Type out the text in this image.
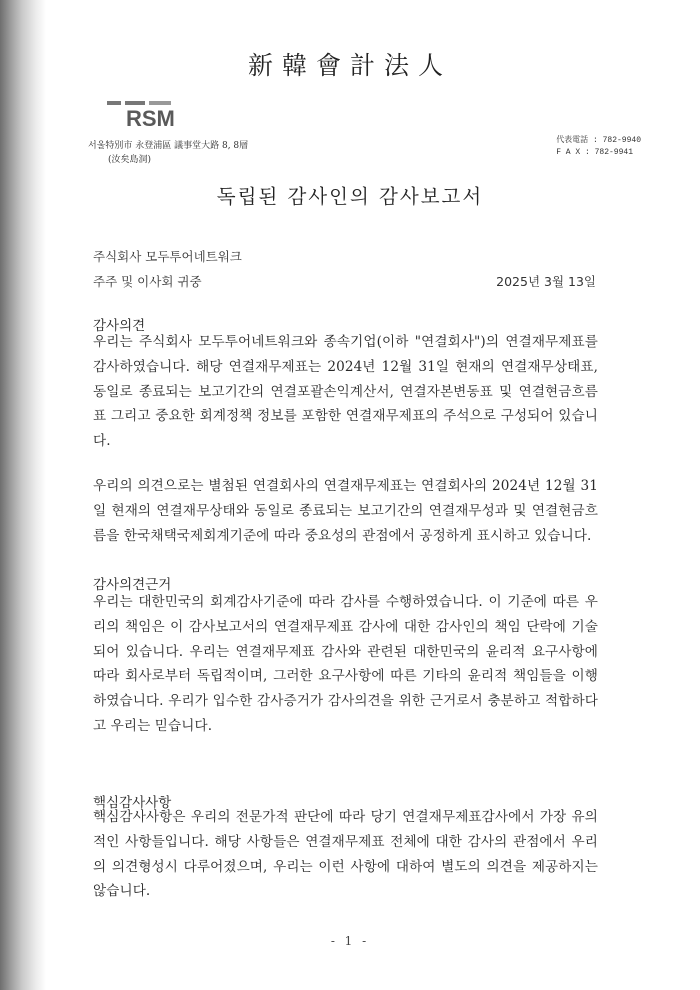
新韓會計法人
RSM
서울特別市 永登浦區 議事堂大路 8, 8層
(汝矣島洞)
代表電話 : 782-9940
F A X : 782-9941
독립된 감사인의 감사보고서
주식회사 모두투어네트워크
주주 및 이사회 귀중	2025년 3월 13일
감사의견
우리는 주식회사 모두투어네트워크와 종속기업(이하 "연결회사")의 연결재무제표를 감사하였습니다. 해당 연결재무제표는 2024년 12월 31일 현재의 연결재무상태표, 동일로 종료되는 보고기간의 연결포괄손익계산서, 연결자본변동표 및 연결현금흐름표 그리고 중요한 회계정책 정보를 포함한 연결재무제표의 주석으로 구성되어 있습니다.
우리의 의견으로는 별첨된 연결회사의 연결재무제표는 연결회사의 2024년 12월 31일 현재의 연결재무상태와 동일로 종료되는 보고기간의 연결재무성과 및 연결현금흐름을 한국채택국제회계기준에 따라 중요성의 관점에서 공정하게 표시하고 있습니다.
감사의견근거
우리는 대한민국의 회계감사기준에 따라 감사를 수행하였습니다. 이 기준에 따른 우리의 책임은 이 감사보고서의 연결재무제표 감사에 대한 감사인의 책임 단락에 기술되어 있습니다. 우리는 연결재무제표 감사와 관련된 대한민국의 윤리적 요구사항에 따라 회사로부터 독립적이며, 그러한 요구사항에 따른 기타의 윤리적 책임들을 이행하였습니다. 우리가 입수한 감사증거가 감사의견을 위한 근거로서 충분하고 적합하다고 우리는 믿습니다.
핵심감사사항
핵심감사사항은 우리의 전문가적 판단에 따라 당기 연결재무제표감사에서 가장 유의적인 사항들입니다. 해당 사항들은 연결재무제표 전체에 대한 감사의 관점에서 우리의 의견형성시 다루어졌으며, 우리는 이런 사항에 대하여 별도의 의견을 제공하지는 않습니다.
- 1 -
